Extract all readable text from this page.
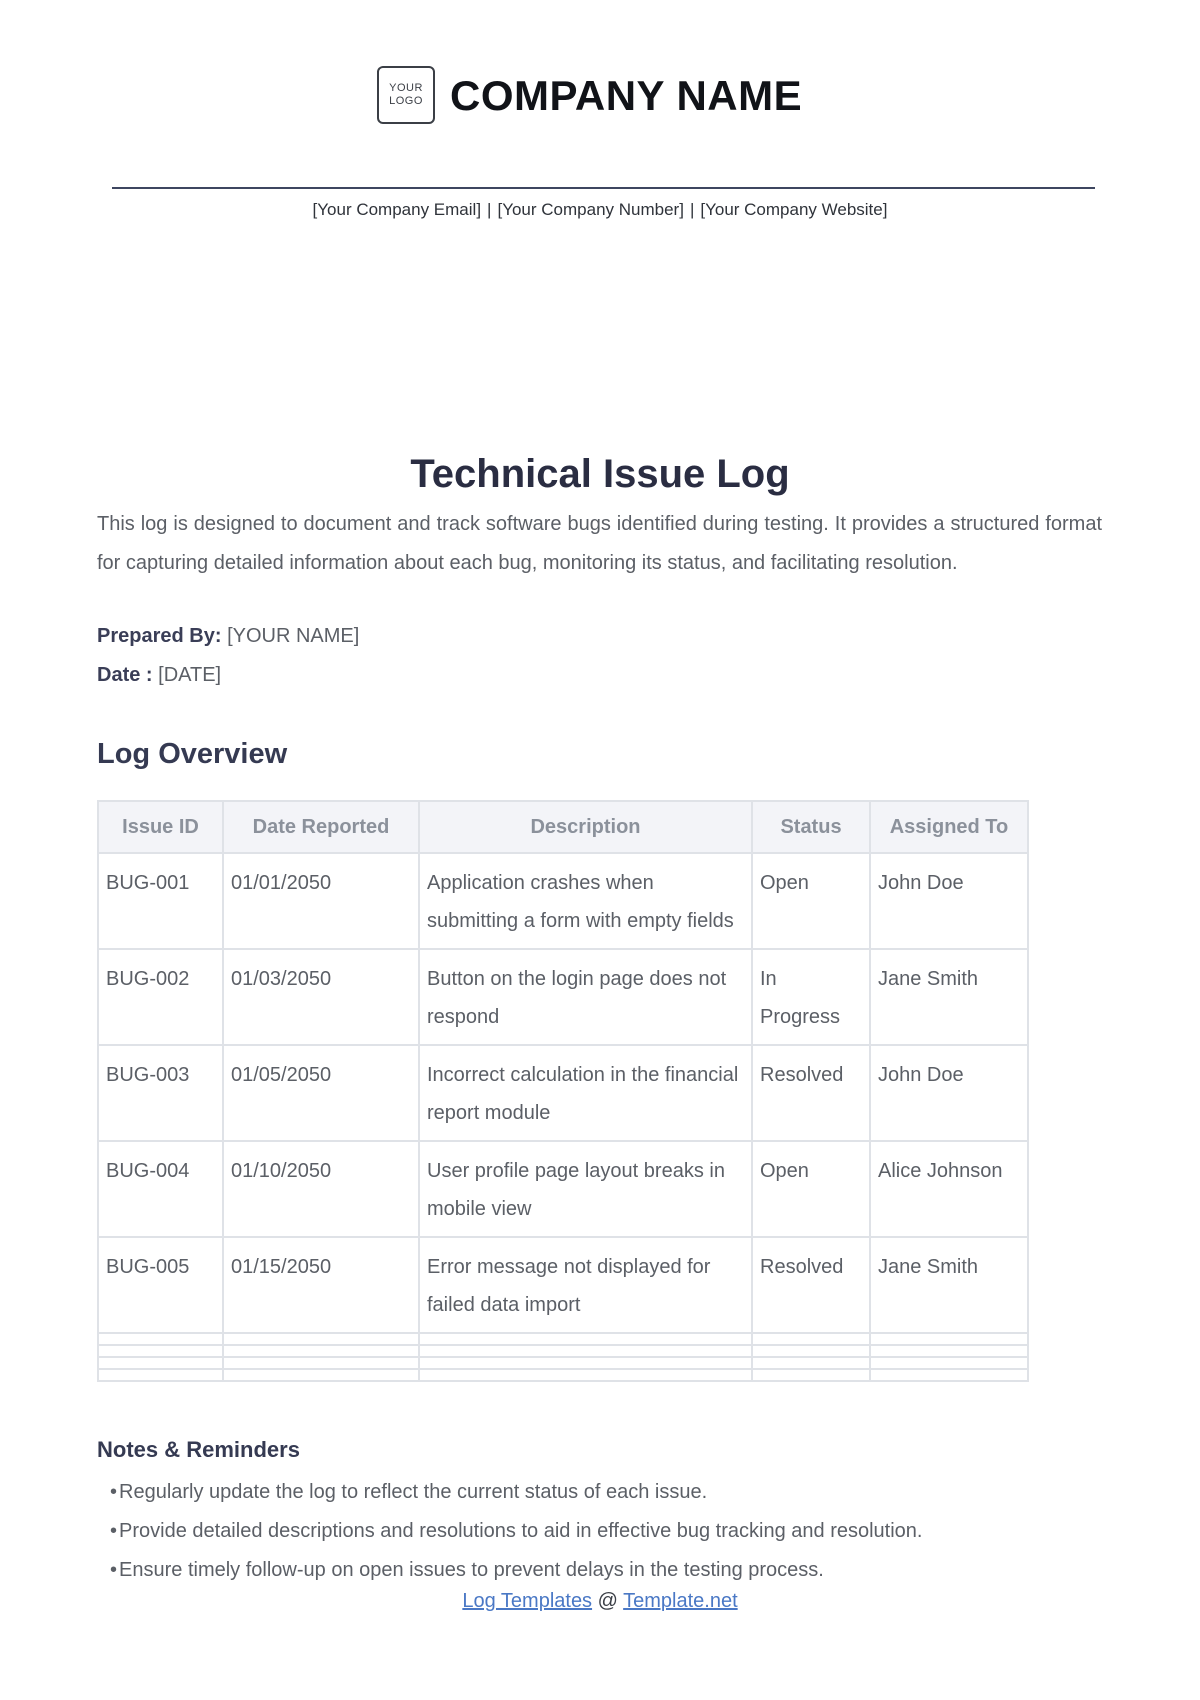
YOUR
LOGO COMPANY NAME
[Your Company Email] | [Your Company Number] | [Your Company Website]
Technical Issue Log
This log is designed to document and track software bugs identified during testing. It provides a structured format for capturing detailed information about each bug, monitoring its status, and facilitating resolution.
Prepared By: [YOUR NAME]
Date : [DATE]
Log Overview
Issue ID	Date Reported	Description	Status	Assigned To
BUG-001	01/01/2050	Application crashes when submitting a form with empty fields	Open	John Doe
BUG-002	01/03/2050	Button on the login page does not respond	In Progress	Jane Smith
BUG-003	01/05/2050	Incorrect calculation in the financial report module	Resolved	John Doe
BUG-004	01/10/2050	User profile page layout breaks in mobile view	Open	Alice Johnson
BUG-005	01/15/2050	Error message not displayed for failed data import	Resolved	Jane Smith

Notes & Reminders
• Regularly update the log to reflect the current status of each issue.
• Provide detailed descriptions and resolutions to aid in effective bug tracking and resolution.
• Ensure timely follow-up on open issues to prevent delays in the testing process.
Log Templates @ Template.net
